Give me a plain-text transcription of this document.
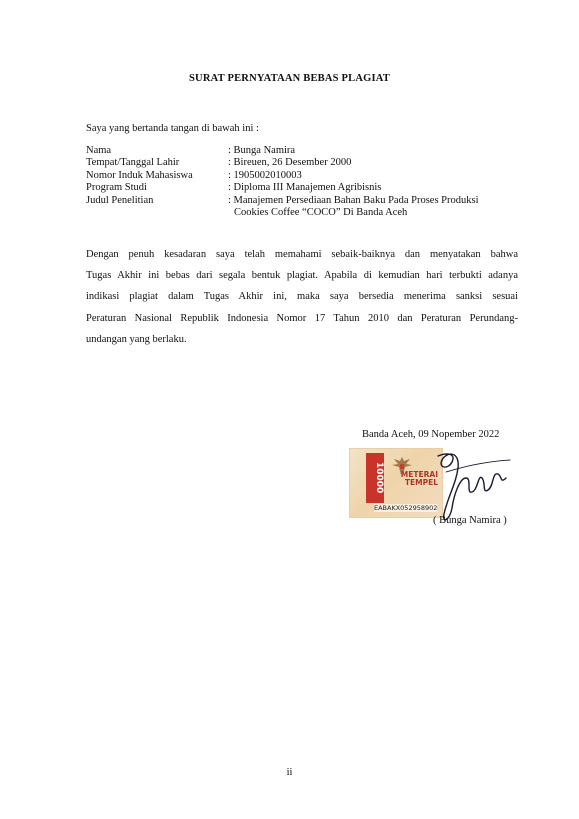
SURAT PERNYATAAN BEBAS PLAGIAT
Saya yang bertanda tangan di bawah ini :
Nama	: Bunga Namira
Tempat/Tanggal Lahir	: Bireuen, 26 Desember 2000
Nomor Induk Mahasiswa	: 1905002010003
Program Studi	: Diploma III Manajemen Agribisnis
Judul Penelitian	: Manajemen Persediaan Bahan Baku Pada Proses Produksi
Cookies Coffee “COCO” Di Banda Aceh
Dengan penuh kesadaran saya telah memahami sebaik-baiknya dan menyatakan bahwa
Tugas Akhir ini bebas dari segala bentuk plagiat. Apabila di kemudian hari terbukti adanya
indikasi plagiat dalam Tugas Akhir ini, maka saya bersedia menerima sanksi sesuai
Peraturan Nasional Republik Indonesia Nomor 17 Tahun 2010 dan Peraturan Perundang-
undangan yang berlaku.
Banda Aceh, 09 Nopember 2022
10000 METERAI
TEMPEL
EABAKX052958902
( Bunga Namira )
ii
